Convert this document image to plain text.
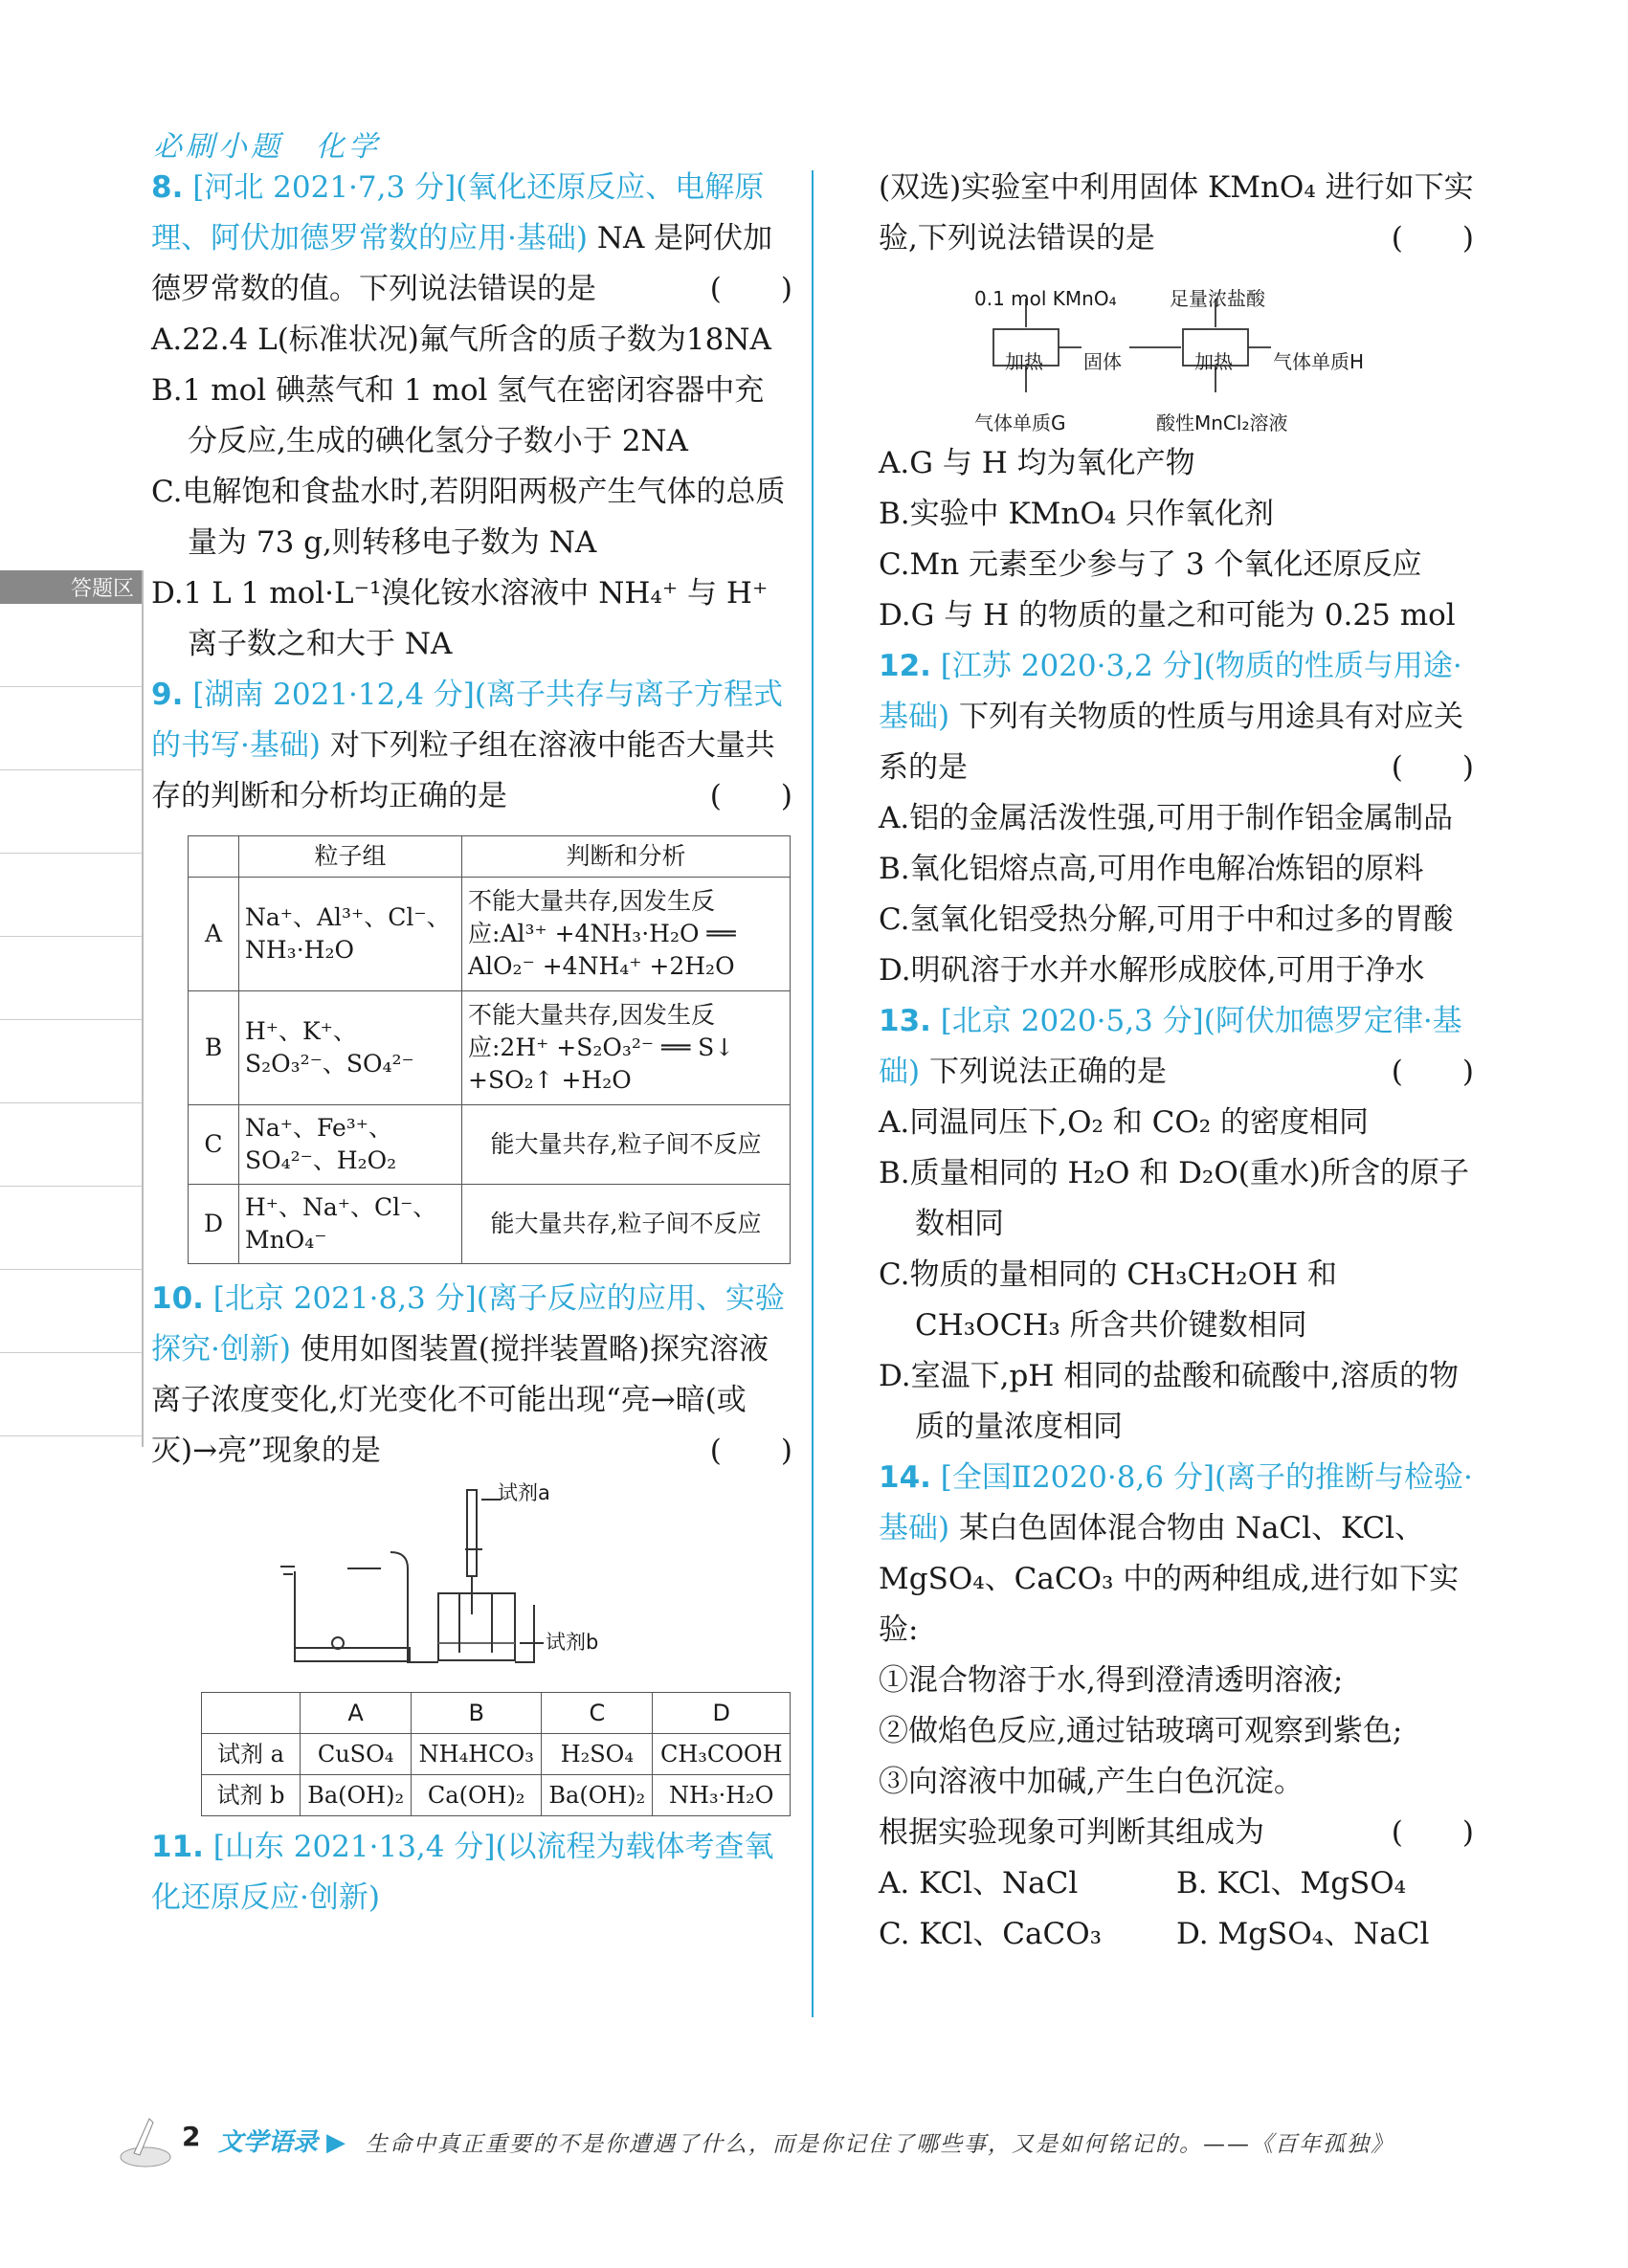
必刷小题　化学
答题区

8. [河北 2021·7,3 分](氧化还原反应、电解原理、阿伏加德罗常数的应用·基础) NA 是阿伏加德罗常数的值。下列说法错误的是	(　　)

A.22.4 L(标准状况)氟气所含的质子数为18NA

B.1 mol 碘蒸气和 1 mol 氢气在密闭容器中充分反应,生成的碘化氢分子数小于 2NA

C.电解饱和食盐水时,若阴阳两极产生气体的总质量为 73 g,则转移电子数为 NA

D.1 L 1 mol·L⁻¹溴化铵水溶液中 NH₄⁺ 与 H⁺ 离子数之和大于 NA

9. [湖南 2021·12,4 分](离子共存与离子方程式的书写·基础) 对下列粒子组在溶液中能否大量共存的判断和分析均正确的是	(　　)

	粒子组	判断和分析
A	Na⁺、Al³⁺、Cl⁻、NH₃·H₂O	不能大量共存,因发生反应:Al³⁺ +4NH₃·H₂O ══ AlO₂⁻ +4NH₄⁺ +2H₂O
B	H⁺、K⁺、S₂O₃²⁻、SO₄²⁻	不能大量共存,因发生反应:2H⁺ +S₂O₃²⁻ ══ S↓ +SO₂↑ +H₂O
C	Na⁺、Fe³⁺、SO₄²⁻、H₂O₂	能大量共存,粒子间不反应
D	H⁺、Na⁺、Cl⁻、MnO₄⁻	能大量共存,粒子间不反应

10. [北京 2021·8,3 分](离子反应的应用、实验探究·创新) 使用如图装置(搅拌装置略)探究溶液离子浓度变化,灯光变化不可能出现“亮→暗(或灭)→亮”现象的是	(　　)

试剂a
试剂b
	A	B	C	D
试剂 a	CuSO₄	NH₄HCO₃	H₂SO₄	CH₃COOH
试剂 b	Ba(OH)₂	Ca(OH)₂	Ba(OH)₂	NH₃·H₂O

11. [山东 2021·13,4 分](以流程为载体考查氧化还原反应·创新)

(双选)实验室中利用固体 KMnO₄ 进行如下实验,下列说法错误的是	(　　)

0.1 mol KMnO₄	足量浓盐酸
加热 固体	加热 气体单质H
气体单质G	酸性MnCl₂溶液

A.G 与 H 均为氧化产物

B.实验中 KMnO₄ 只作氧化剂

C.Mn 元素至少参与了 3 个氧化还原反应

D.G 与 H 的物质的量之和可能为 0.25 mol

12. [江苏 2020·3,2 分](物质的性质与用途·基础) 下列有关物质的性质与用途具有对应关系的是	(　　)

A.铝的金属活泼性强,可用于制作铝金属制品

B.氧化铝熔点高,可用作电解冶炼铝的原料

C.氢氧化铝受热分解,可用于中和过多的胃酸

D.明矾溶于水并水解形成胶体,可用于净水

13. [北京 2020·5,3 分](阿伏加德罗定律·基础) 下列说法正确的是	(　　)

A.同温同压下,O₂ 和 CO₂ 的密度相同

B.质量相同的 H₂O 和 D₂O(重水)所含的原子数相同

C.物质的量相同的 CH₃CH₂OH 和 CH₃OCH₃ 所含共价键数相同

D.室温下,pH 相同的盐酸和硫酸中,溶质的物质的量浓度相同

14. [全国Ⅱ2020·8,6 分](离子的推断与检验·基础) 某白色固体混合物由 NaCl、KCl、MgSO₄、CaCO₃ 中的两种组成,进行如下实验:

①混合物溶于水,得到澄清透明溶液;

②做焰色反应,通过钴玻璃可观察到紫色;

③向溶液中加碱,产生白色沉淀。

根据实验现象可判断其组成为	(　　)

A. KCl、NaCl	B. KCl、MgSO₄

C. KCl、CaCO₃	D. MgSO₄、NaCl

2 文学语录 ▶ 生命中真正重要的不是你遭遇了什么，而是你记住了哪些事，又是如何铭记的。——《百年孤独》
